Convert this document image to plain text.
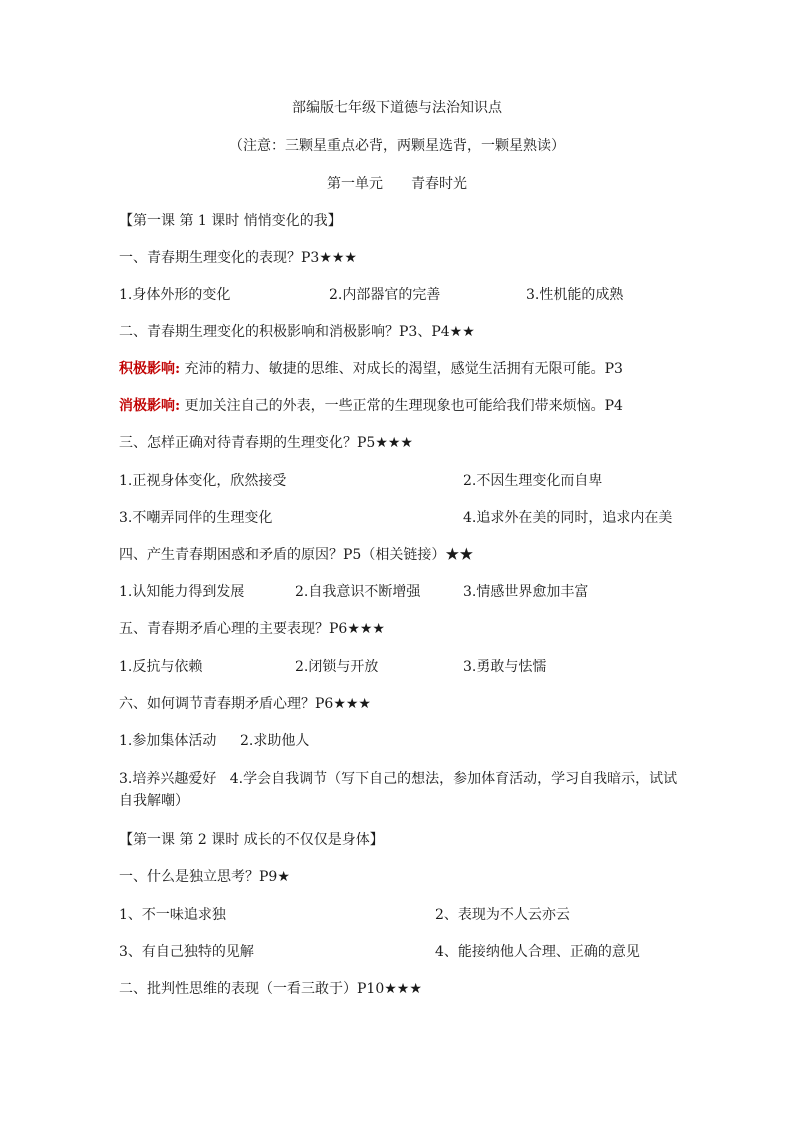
部编版七年级下道德与法治知识点
（注意：三颗星重点必背，两颗星选背，一颗星熟读）
第一单元　　青春时光
【第一课 第 1 课时 悄悄变化的我】
一、青春期生理变化的表现？P3★★★
1.身体外形的变化	2.内部器官的完善	3.性机能的成熟
二、青春期生理变化的积极影响和消极影响？P3、P4★★
积极影响: 充沛的精力、敏捷的思维、对成长的渴望，感觉生活拥有无限可能。P3
消极影响: 更加关注自己的外表，一些正常的生理现象也可能给我们带来烦恼。P4
三、怎样正确对待青春期的生理变化？P5★★★
1.正视身体变化，欣然接受	2.不因生理变化而自卑
3.不嘲弄同伴的生理变化	4.追求外在美的同时，追求内在美
四、产生青春期困惑和矛盾的原因？P5（相关链接）★★
1.认知能力得到发展	2.自我意识不断增强	3.情感世界愈加丰富
五、青春期矛盾心理的主要表现？P6★★★
1.反抗与依赖	2.闭锁与开放	3.勇敢与怯懦
六、如何调节青春期矛盾心理？P6★★★
1.参加集体活动 2.求助他人
3.培养兴趣爱好 4.学会自我调节（写下自己的想法，参加体育活动，学习自我暗示，试试自我解嘲）
【第一课 第 2 课时 成长的不仅仅是身体】
一、什么是独立思考？P9★
1、不一味追求独	2、表现为不人云亦云
3、有自己独特的见解	4、能接纳他人合理、正确的意见
二、批判性思维的表现（一看三敢于）P10★★★
